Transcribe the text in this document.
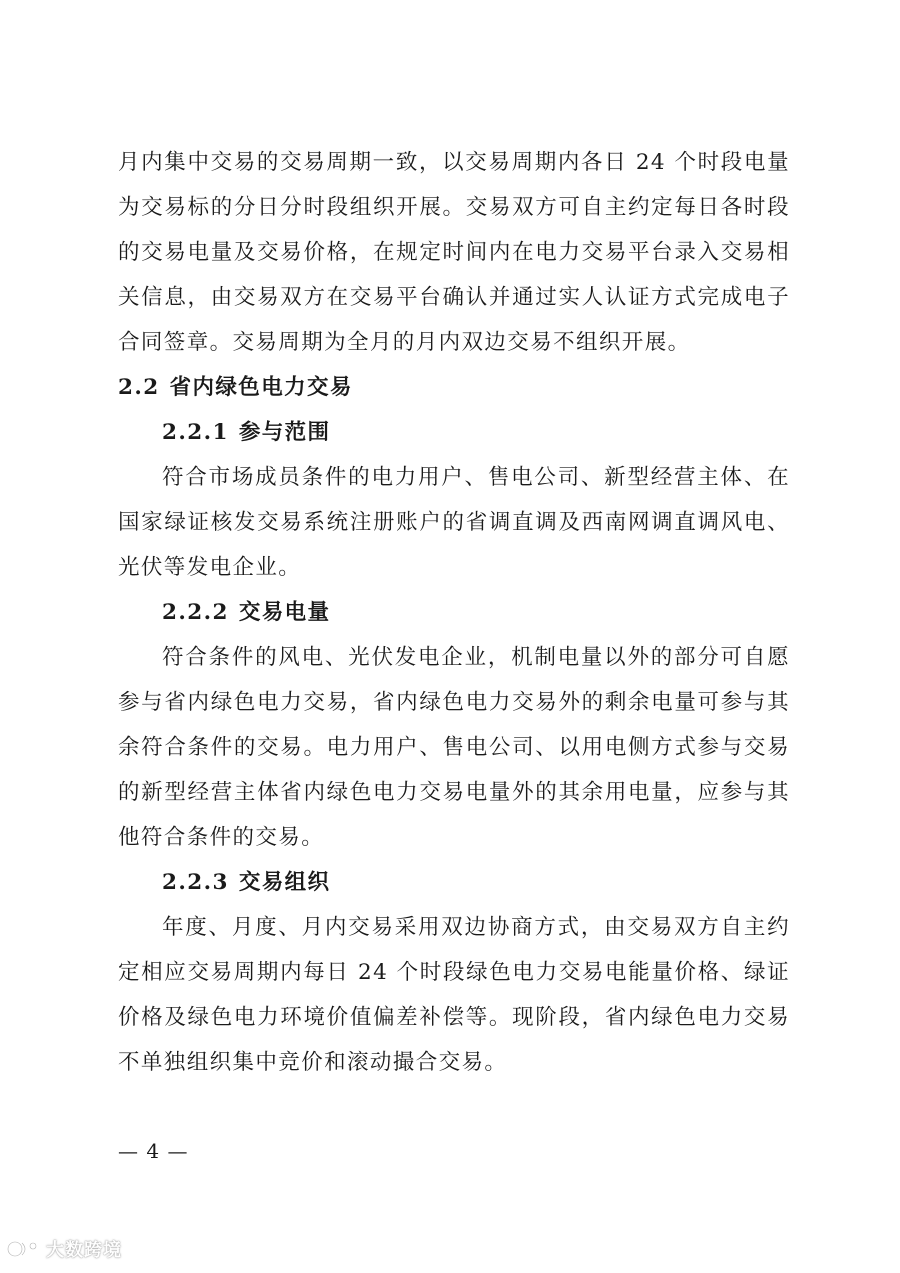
月内集中交易的交易周期一致，以交易周期内各日 24 个时段电量为交易标的分日分时段组织开展。交易双方可自主约定每日各时段的交易电量及交易价格，在规定时间内在电力交易平台录入交易相关信息，由交易双方在交易平台确认并通过实人认证方式完成电子合同签章。交易周期为全月的月内双边交易不组织开展。

2.2 省内绿色电力交易
2.2.1 参与范围

符合市场成员条件的电力用户、售电公司、新型经营主体、在国家绿证核发交易系统注册账户的省调直调及西南网调直调风电、光伏等发电企业。

2.2.2 交易电量

符合条件的风电、光伏发电企业，机制电量以外的部分可自愿参与省内绿色电力交易，省内绿色电力交易外的剩余电量可参与其余符合条件的交易。电力用户、售电公司、以用电侧方式参与交易的新型经营主体省内绿色电力交易电量外的其余用电量，应参与其他符合条件的交易。

2.2.3 交易组织

年度、月度、月内交易采用双边协商方式，由交易双方自主约定相应交易周期内每日 24 个时段绿色电力交易电能量价格、绿证价格及绿色电力环境价值偏差补偿等。现阶段，省内绿色电力交易不单独组织集中竞价和滚动撮合交易。

— 4 —
大数跨境
